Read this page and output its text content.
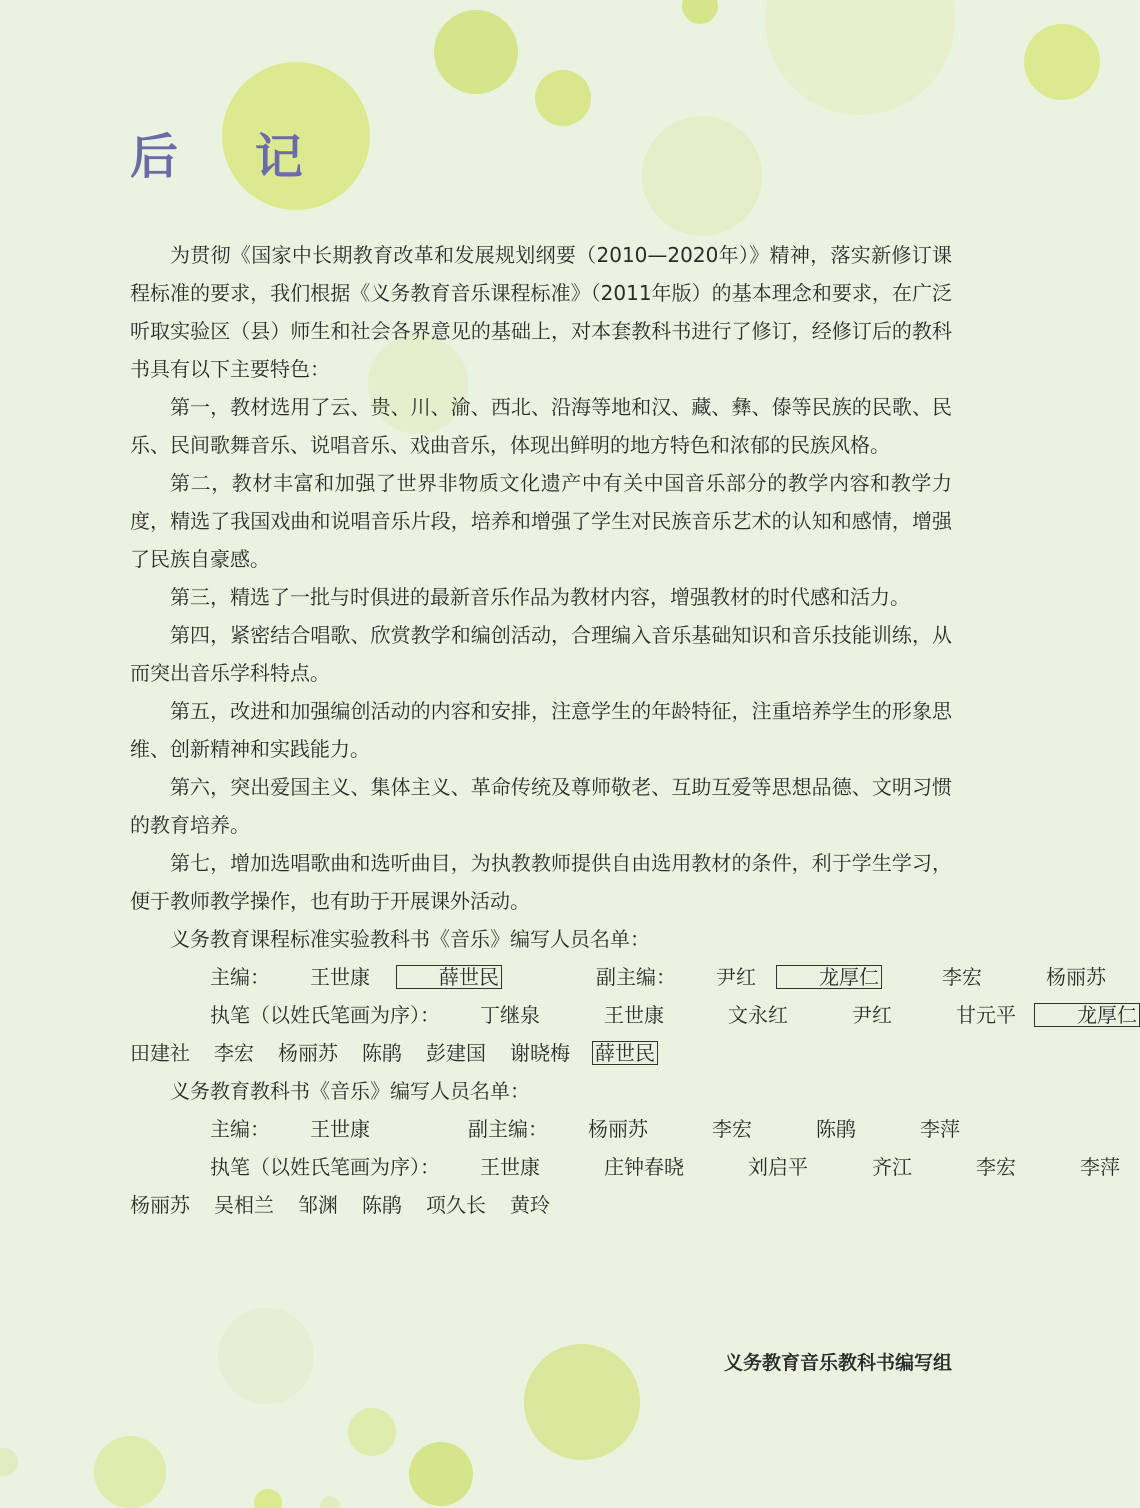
后 记

为贯彻《国家中长期教育改革和发展规划纲要（2010—2020年）》精神，落实新修订课程标准的要求，我们根据《义务教育音乐课程标准》（2011年版）的基本理念和要求，在广泛听取实验区（县）师生和社会各界意见的基础上，对本套教科书进行了修订，经修订后的教科书具有以下主要特色：

第一，教材选用了云、贵、川、渝、西北、沿海等地和汉、藏、彝、傣等民族的民歌、民乐、民间歌舞音乐、说唱音乐、戏曲音乐，体现出鲜明的地方特色和浓郁的民族风格。

第二，教材丰富和加强了世界非物质文化遗产中有关中国音乐部分的教学内容和教学力度，精选了我国戏曲和说唱音乐片段，培养和增强了学生对民族音乐艺术的认知和感情，增强了民族自豪感。

第三，精选了一批与时俱进的最新音乐作品为教材内容，增强教材的时代感和活力。

第四，紧密结合唱歌、欣赏教学和编创活动，合理编入音乐基础知识和音乐技能训练，从而突出音乐学科特点。

第五，改进和加强编创活动的内容和安排，注意学生的年龄特征，注重培养学生的形象思维、创新精神和实践能力。

第六，突出爱国主义、集体主义、革命传统及尊师敬老、互助互爱等思想品德、文明习惯的教育培养。

第七，增加选唱歌曲和选听曲目，为执教教师提供自由选用教材的条件，利于学生学习，便于教师教学操作，也有助于开展课外活动。

义务教育课程标准实验教科书《音乐》编写人员名单：

主编： 王世康	薛世民	副主编： 尹红	龙厚仁	李宏	杨丽苏

执笔（以姓氏笔画为序）： 丁继泉	王世康	文永红	尹红	甘元平	龙厚仁

田建社 李宏 杨丽苏 陈鹃 彭建国 谢晓梅 薛世民

义务教育教科书《音乐》编写人员名单：

主编： 王世康	副主编： 杨丽苏	李宏	陈鹃	李萍

执笔（以姓氏笔画为序）： 王世康	庄钟春晓	刘启平	齐江	李宏	李萍

杨丽苏 吴相兰 邹渊 陈鹃 项久长 黄玲

义务教育音乐教科书编写组
